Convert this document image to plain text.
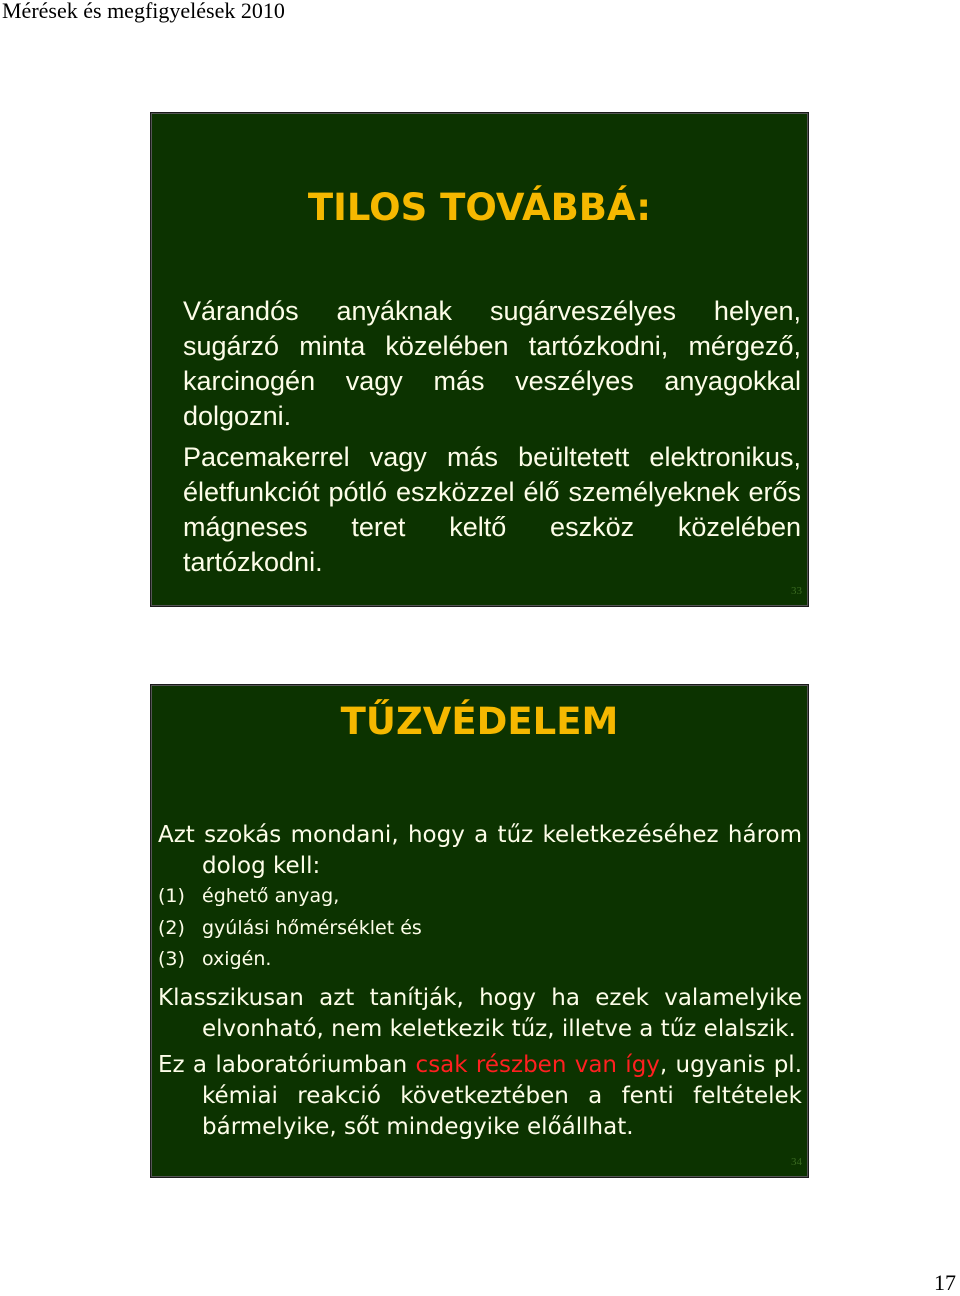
Mérések és megfigyelések 2010
TILOS TOVÁBBÁ:
Várandós anyáknak sugárveszélyes helyen, sugárzó minta közelében tartózkodni, mérgező, karcinogén vagy más veszélyes anyagokkal dolgozni.
Pacemakerrel vagy más beültetett elektronikus, életfunkciót pótló eszközzel élő személyeknek erős mágneses teret keltő eszköz közelében tartózkodni.
33
TŰZVÉDELEM
Azt szokás mondani, hogy a tűz keletkezéséhez három dolog kell:
(1) éghető anyag,
(2) gyúlási hőmérséklet és
(3) oxigén.
Klasszikusan azt tanítják, hogy ha ezek valamelyike elvonható, nem keletkezik tűz, illetve a tűz elalszik.
Ez a laboratóriumban csak részben van így, ugyanis pl. kémiai reakció következtében a fenti feltételek bármelyike, sőt mindegyike előállhat.
34
17
